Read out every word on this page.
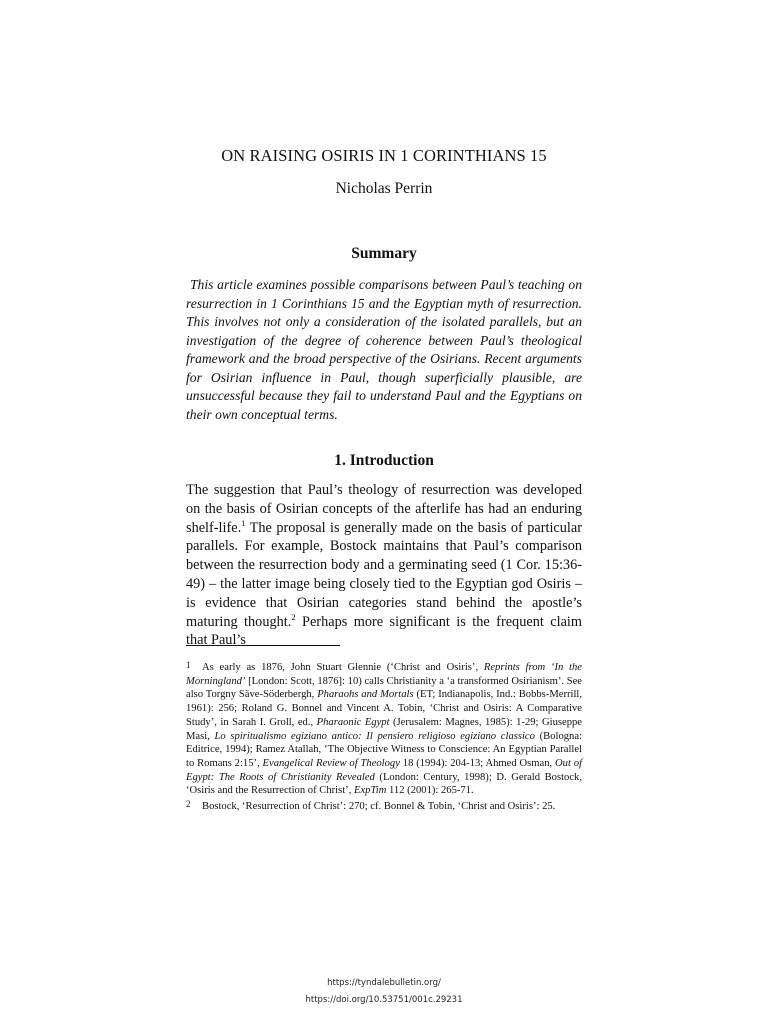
ON RAISING OSIRIS IN 1 CORINTHIANS 15
Nicholas Perrin
Summary
This article examines possible comparisons between Paul’s teaching on resurrection in 1 Corinthians 15 and the Egyptian myth of resurrection. This involves not only a consideration of the isolated parallels, but an investigation of the degree of coherence between Paul’s theological framework and the broad perspective of the Osirians. Recent arguments for Osirian influence in Paul, though superficially plausible, are unsuccessful because they fail to understand Paul and the Egyptians on their own conceptual terms.
1. Introduction

The suggestion that Paul’s theology of resurrection was developed on the basis of Osirian concepts of the afterlife has had an enduring shelf-life.$^1$ The proposal is generally made on the basis of particular parallels. For example, Bostock maintains that Paul’s comparison between the resurrection body and a germinating seed (1 Cor. 15:36-49) – the latter image being closely tied to the Egyptian god Osiris – is evidence that Osirian categories stand behind the apostle’s maturing thought.$^2$ Perhaps more significant is the frequent claim that Paul’s

1 As early as 1876, John Stuart Glennie (‘Christ and Osiris’, Reprints from ‘In the Morningland’ [London: Scott, 1876]: 10) calls Christianity a ‘a transformed Osirianism’. See also Torgny Säve-Söderbergh, Pharaohs and Mortals (ET; Indianapolis, Ind.: Bobbs-Merrill, 1961): 256; Roland G. Bonnel and Vincent A. Tobin, ‘Christ and Osiris: A Comparative Study’, in Sarah I. Groll, ed., Pharaonic Egypt (Jerusalem: Magnes, 1985): 1-29; Giuseppe Masi, Lo spiritualismo egiziano antico: Il pensiero religioso egiziano classico (Bologna: Editrice, 1994); Ramez Atallah, ‘The Objective Witness to Conscience: An Egyptian Parallel to Romans 2:15’, Evangelical Review of Theology 18 (1994): 204-13; Ahmed Osman, Out of Egypt: The Roots of Christianity Revealed (London: Century, 1998); D. Gerald Bostock, ‘Osiris and the Resurrection of Christ’, ExpTim 112 (2001): 265-71.

2 Bostock, ‘Resurrection of Christ’: 270; cf. Bonnel & Tobin, ‘Christ and Osiris’: 25.

https://tyndalebulletin.org/
https://doi.org/10.53751/001c.29231
